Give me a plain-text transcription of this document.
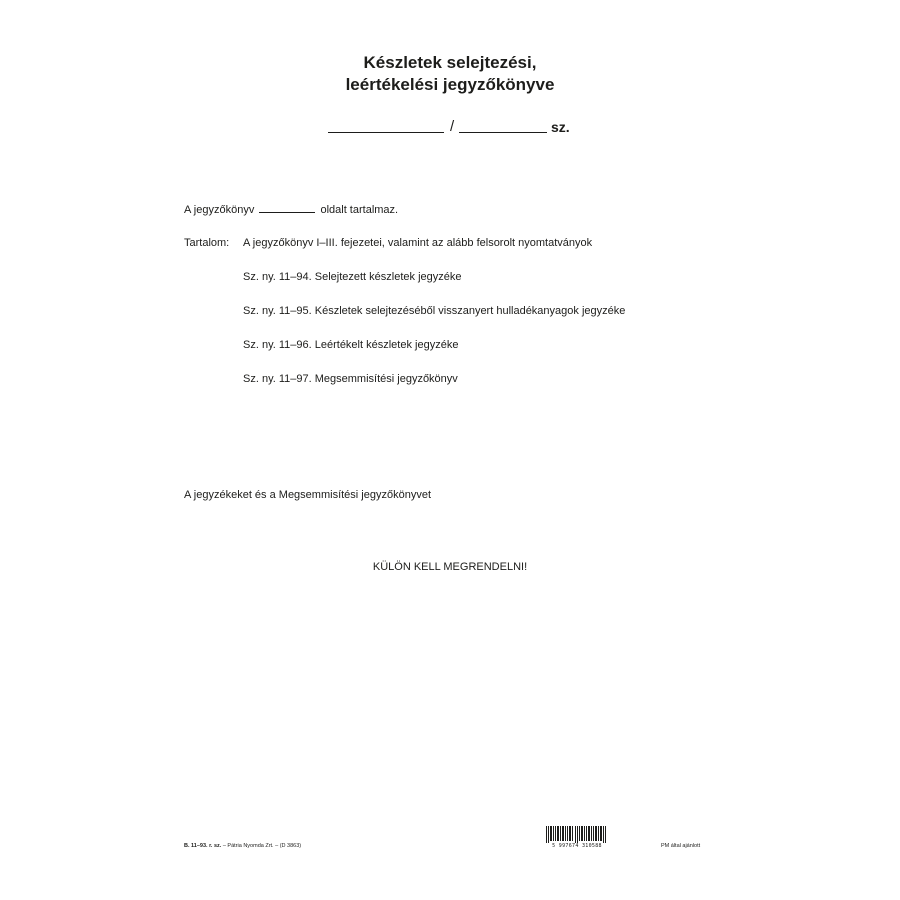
Készletek selejtezési,
leértékelési jegyzőkönyve
/	sz.
A jegyzőkönyv	oldalt tartalmaz.
Tartalom: A jegyzőkönyv I–III. fejezetei, valamint az alább felsorolt nyomtatványok
Sz. ny. 11–94. Selejtezett készletek jegyzéke
Sz. ny. 11–95. Készletek selejtezéséből visszanyert hulladékanyagok jegyzéke
Sz. ny. 11–96. Leértékelt készletek jegyzéke
Sz. ny. 11–97. Megsemmisítési jegyzőkönyv
A jegyzékeket és a Megsemmisítési jegyzőkönyvet
KÜLÖN KELL MEGRENDELNI!
B. 11–93. r. sz. – Pátria Nyomda Zrt. – (D 3863)	5 997674 310588	PM által ajánlott
